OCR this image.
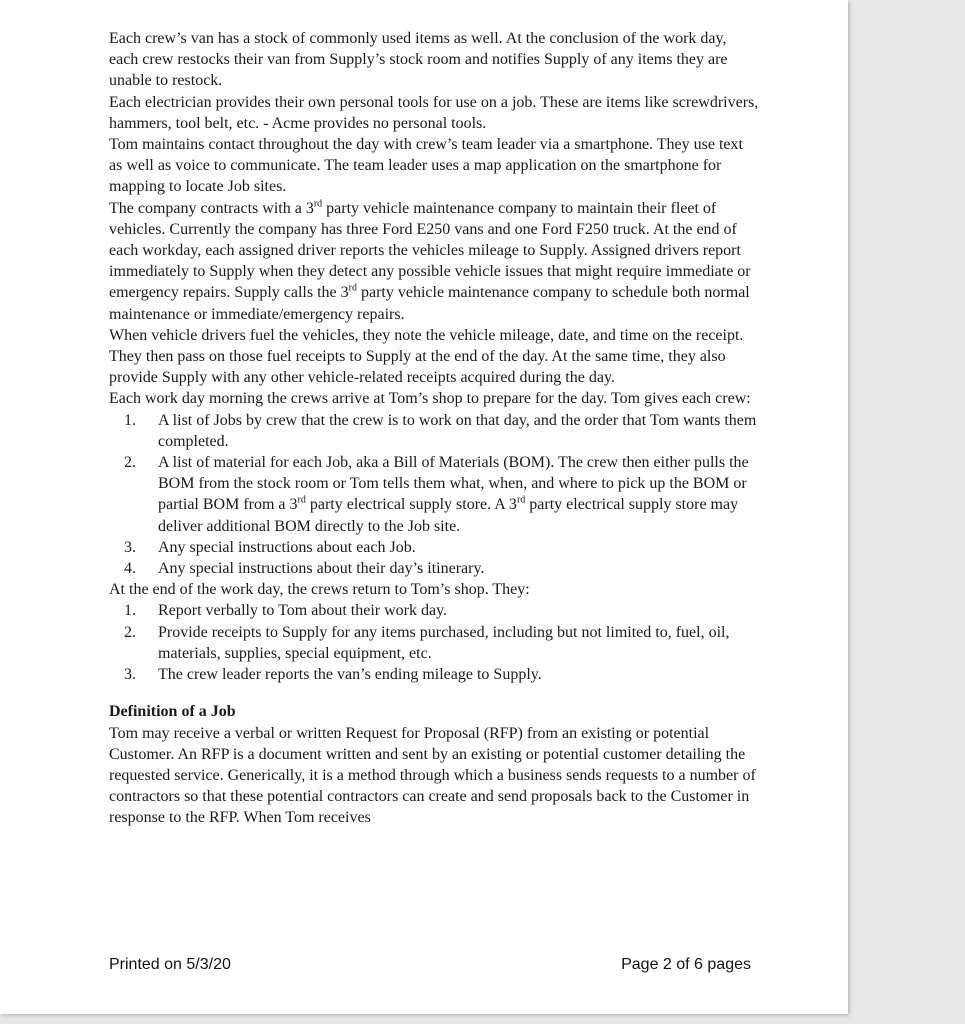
Each crew’s van has a stock of commonly used items as well. At the conclusion of the work day, each crew restocks their van from Supply’s stock room and notifies Supply of any items they are unable to restock.

Each electrician provides their own personal tools for use on a job. These are items like screwdrivers, hammers, tool belt, etc. - Acme provides no personal tools.

Tom maintains contact throughout the day with crew’s team leader via a smartphone. They use text as well as voice to communicate. The team leader uses a map application on the smartphone for mapping to locate Job sites.

The company contracts with a 3rd party vehicle maintenance company to maintain their fleet of vehicles. Currently the company has three Ford E250 vans and one Ford F250 truck. At the end of each workday, each assigned driver reports the vehicles mileage to Supply. Assigned drivers report immediately to Supply when they detect any possible vehicle issues that might require immediate or emergency repairs. Supply calls the 3rd party vehicle maintenance company to schedule both normal maintenance or immediate/emergency repairs.

When vehicle drivers fuel the vehicles, they note the vehicle mileage, date, and time on the receipt. They then pass on those fuel receipts to Supply at the end of the day. At the same time, they also provide Supply with any other vehicle-related receipts acquired during the day.

Each work day morning the crews arrive at Tom’s shop to prepare for the day. Tom gives each crew:

1. A list of Jobs by crew that the crew is to work on that day, and the order that Tom wants them completed.
2. A list of material for each Job, aka a Bill of Materials (BOM). The crew then either pulls the BOM from the stock room or Tom tells them what, when, and where to pick up the BOM or partial BOM from a 3rd party electrical supply store. A 3rd party electrical supply store may deliver additional BOM directly to the Job site.
3. Any special instructions about each Job.
4. Any special instructions about their day’s itinerary.

At the end of the work day, the crews return to Tom’s shop. They:

1. Report verbally to Tom about their work day.
2. Provide receipts to Supply for any items purchased, including but not limited to, fuel, oil, materials, supplies, special equipment, etc.
3. The crew leader reports the van’s ending mileage to Supply.

Definition of a Job

Tom may receive a verbal or written Request for Proposal (RFP) from an existing or potential Customer. An RFP is a document written and sent by an existing or potential customer detailing the requested service. Generically, it is a method through which a business sends requests to a number of contractors so that these potential contractors can create and send proposals back to the Customer in response to the RFP. When Tom receives

Printed on 5/3/20	Page 2 of 6 pages
